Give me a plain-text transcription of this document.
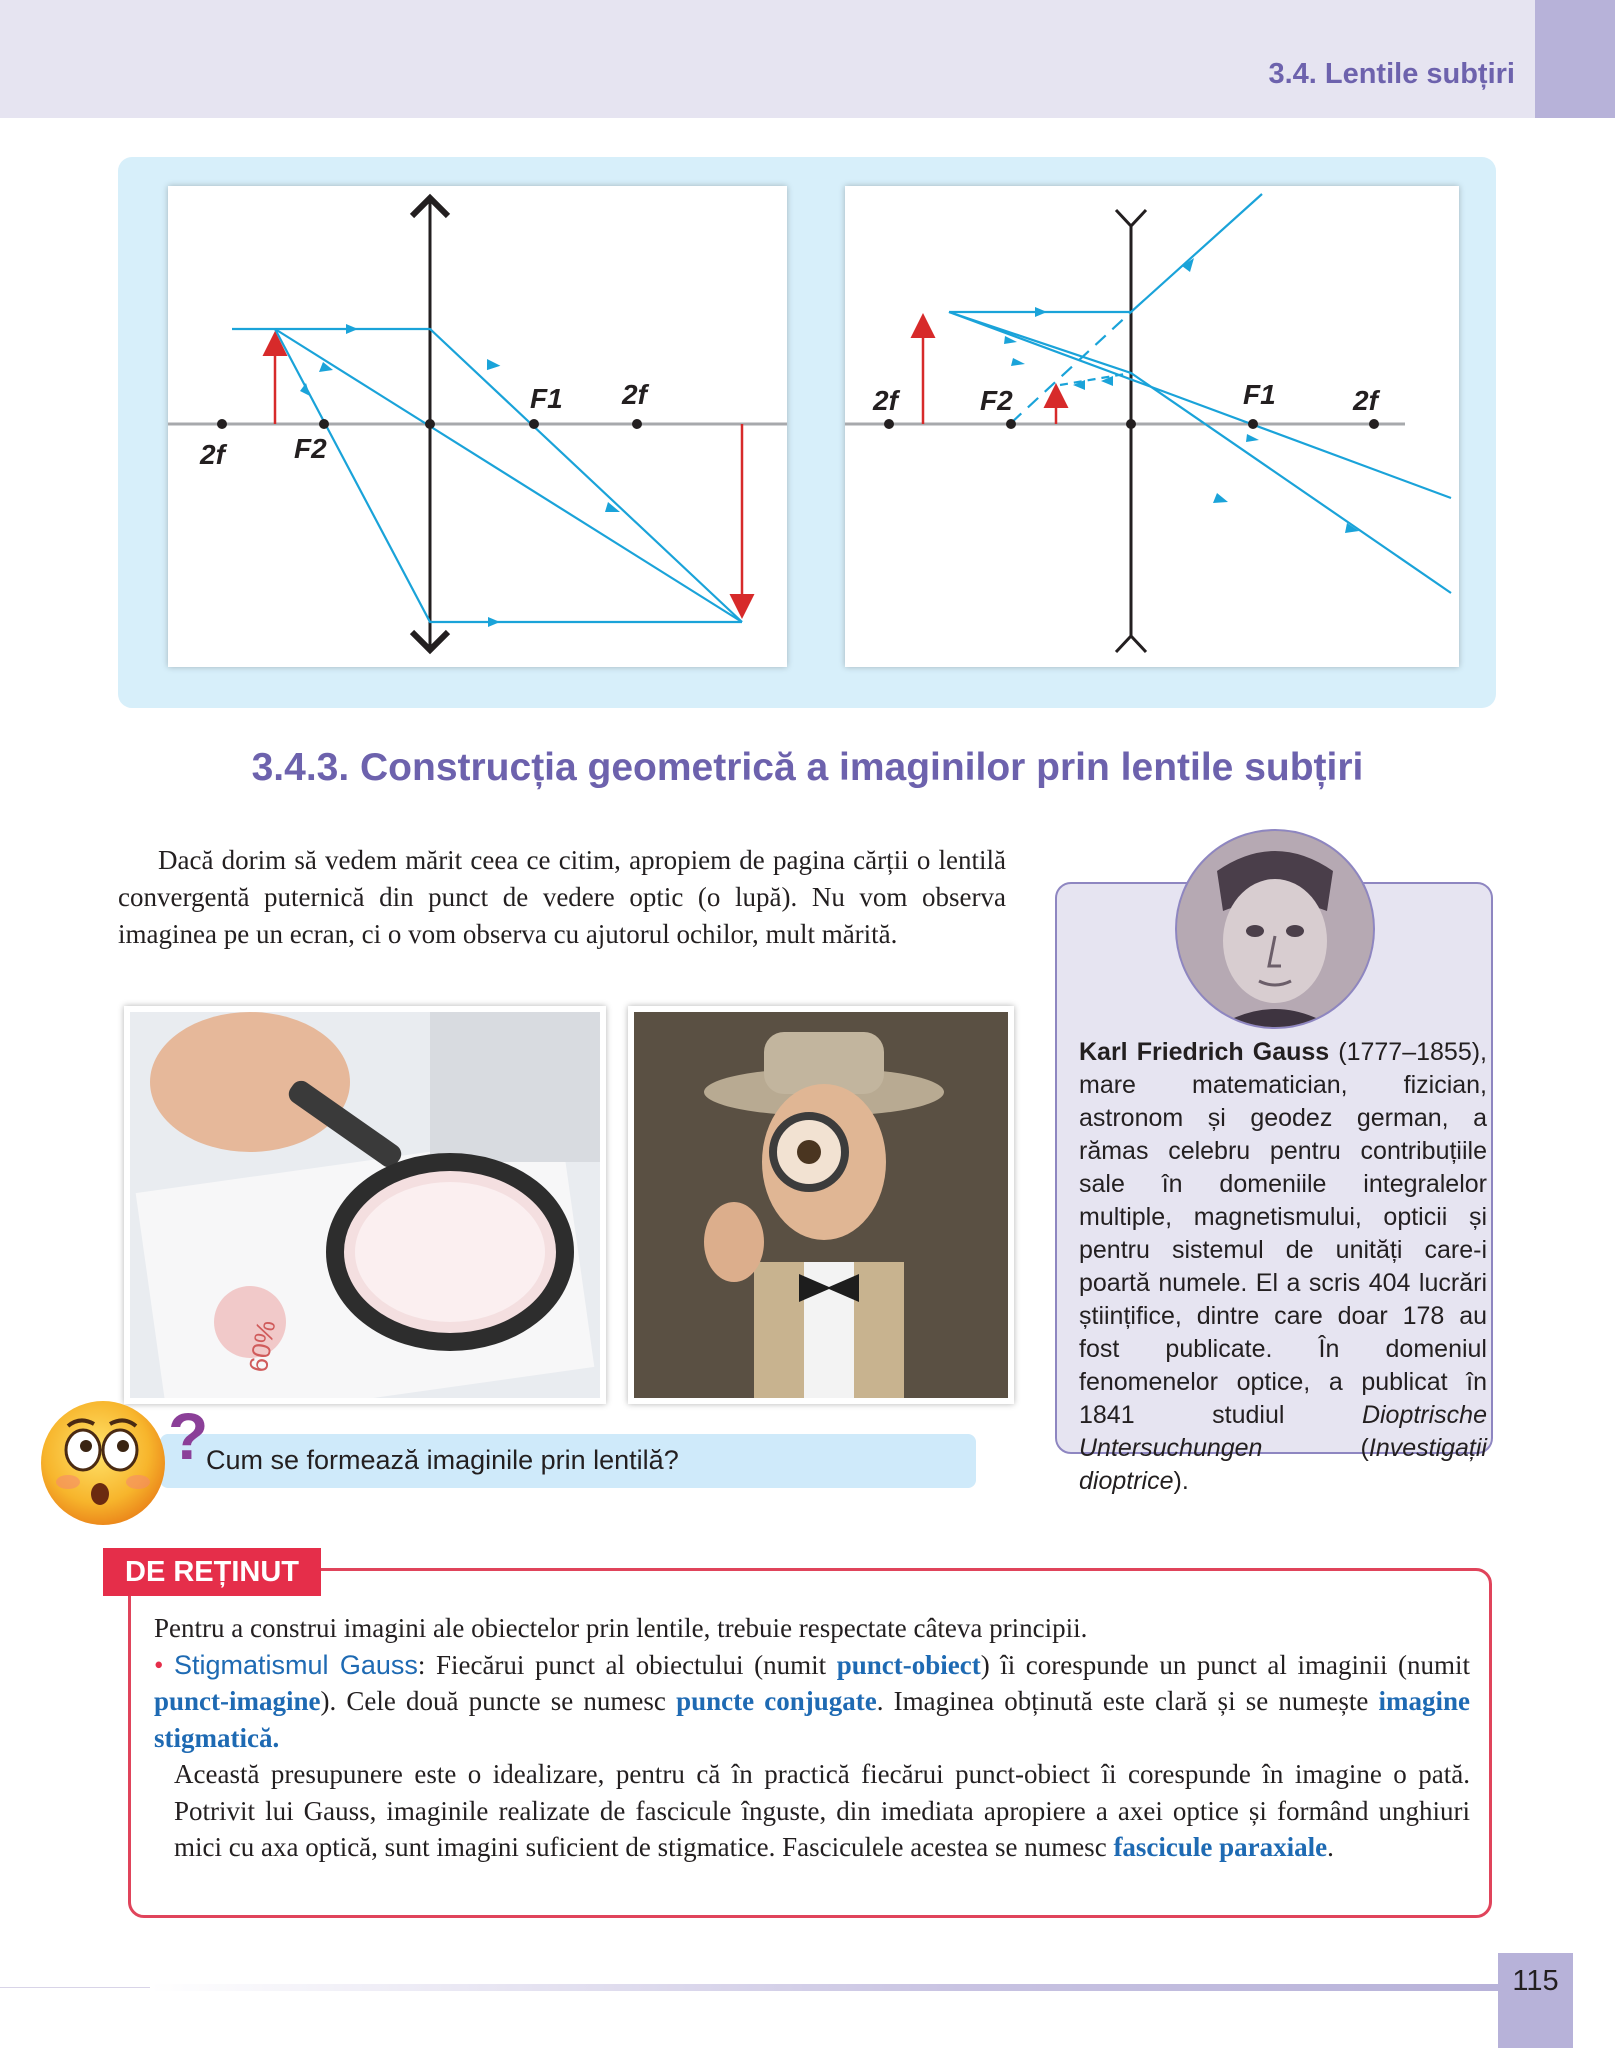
3.4. Lentile subțiri
2f F2
F1 2f	2f	F2	F1	2f
3.4.3. Construcția geometrică a imaginilor prin lentile subțiri

Dacă dorim să vedem mărit ceea ce citim, apropiem de pagina cărții o lentilă convergentă puternică din punct de vedere optic (o lupă). Nu vom observa imaginea pe un ecran, ci o vom observa cu ajutorul ochilor, mult mărită.

60%
?
Cum se formează imaginile prin lentilă?

Karl Friedrich Gauss (1777–1855), mare matematician, fizician, astronom și geodez german, a rămas celebru pentru contribuțiile sale în domeniile integralelor multiple, magnetismului, opticii și pentru sistemul de unități care-i poartă numele. El a scris 404 lucrări științifice, dintre care doar 178 au fost publicate. În domeniul fenomenelor optice, a publicat în 1841 studiul Dioptrische Untersuchungen (Investigații dioptrice).

DE REȚINUT

Pentru a construi imagini ale obiectelor prin lentile, trebuie respectate câteva principii.

• Stigmatismul Gauss: Fiecărui punct al obiectului (numit punct-obiect) îi corespunde un punct al imaginii (numit punct-imagine). Cele două puncte se numesc puncte conjugate. Imaginea obținută este clară și se numește imagine stigmatică.

Această presupunere este o idealizare, pentru că în practică fiecărui punct-obiect îi corespunde în imagine o pată. Potrivit lui Gauss, imaginile realizate de fascicule înguste, din imediata apropiere a axei optice și formând unghiuri mici cu axa optică, sunt imagini suficient de stigmatice. Fasciculele acestea se numesc fascicule paraxiale.

115
